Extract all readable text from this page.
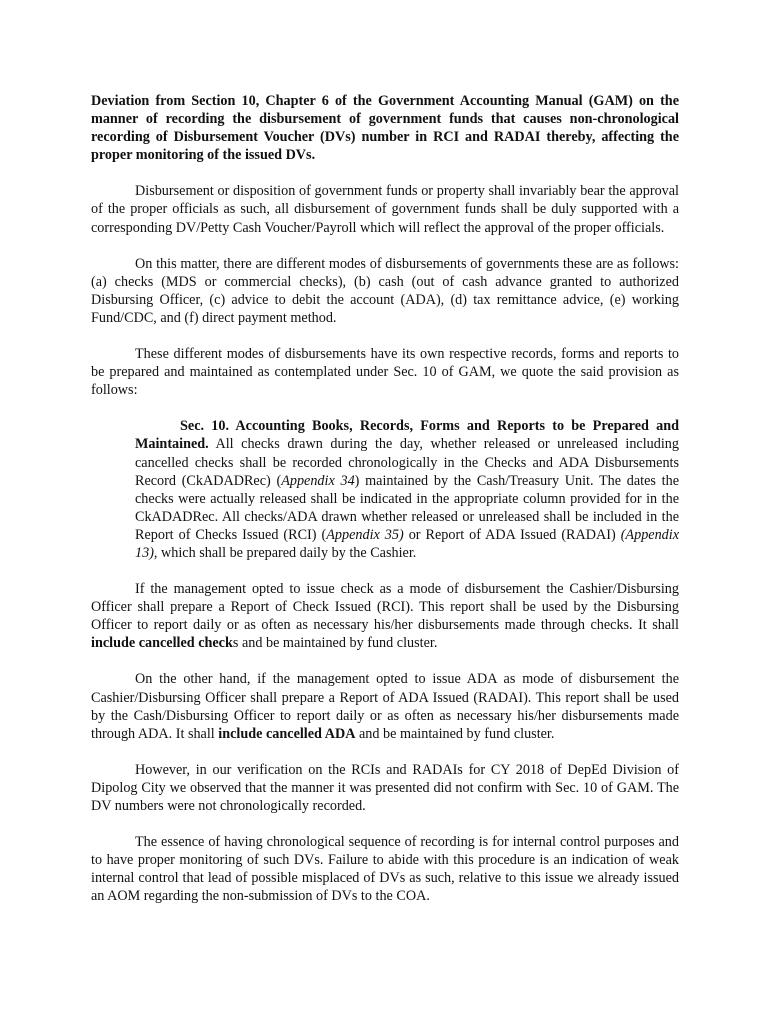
Deviation from Section 10, Chapter 6 of the Government Accounting Manual (GAM) on the manner of recording the disbursement of government funds that causes non-chronological recording of Disbursement Voucher (DVs) number in RCI and RADAI thereby, affecting the proper monitoring of the issued DVs.

Disbursement or disposition of government funds or property shall invariably bear the approval of the proper officials as such, all disbursement of government funds shall be duly supported with a corresponding DV/Petty Cash Voucher/Payroll which will reflect the approval of the proper officials.

On this matter, there are different modes of disbursements of governments these are as follows: (a) checks (MDS or commercial checks), (b) cash (out of cash advance granted to authorized Disbursing Officer, (c) advice to debit the account (ADA), (d) tax remittance advice, (e) working Fund/CDC, and (f) direct payment method.

These different modes of disbursements have its own respective records, forms and reports to be prepared and maintained as contemplated under Sec. 10 of GAM, we quote the said provision as follows:

Sec. 10. Accounting Books, Records, Forms and Reports to be Prepared and Maintained. All checks drawn during the day, whether released or unreleased including cancelled checks shall be recorded chronologically in the Checks and ADA Disbursements Record (CkADADRec) (Appendix 34) maintained by the Cash/Treasury Unit. The dates the checks were actually released shall be indicated in the appropriate column provided for in the CkADADRec. All checks/ADA drawn whether released or unreleased shall be included in the Report of Checks Issued (RCI) (Appendix 35) or Report of ADA Issued (RADAI) (Appendix 13), which shall be prepared daily by the Cashier.

If the management opted to issue check as a mode of disbursement the Cashier/Disbursing Officer shall prepare a Report of Check Issued (RCI). This report shall be used by the Disbursing Officer to report daily or as often as necessary his/her disbursements made through checks. It shall include cancelled checks and be maintained by fund cluster.

On the other hand, if the management opted to issue ADA as mode of disbursement the Cashier/Disbursing Officer shall prepare a Report of ADA Issued (RADAI). This report shall be used by the Cash/Disbursing Officer to report daily or as often as necessary his/her disbursements made through ADA. It shall include cancelled ADA and be maintained by fund cluster.

However, in our verification on the RCIs and RADAIs for CY 2018 of DepEd Division of Dipolog City we observed that the manner it was presented did not confirm with Sec. 10 of GAM. The DV numbers were not chronologically recorded.

The essence of having chronological sequence of recording is for internal control purposes and to have proper monitoring of such DVs. Failure to abide with this procedure is an indication of weak internal control that lead of possible misplaced of DVs as such, relative to this issue we already issued an AOM regarding the non-submission of DVs to the COA.
